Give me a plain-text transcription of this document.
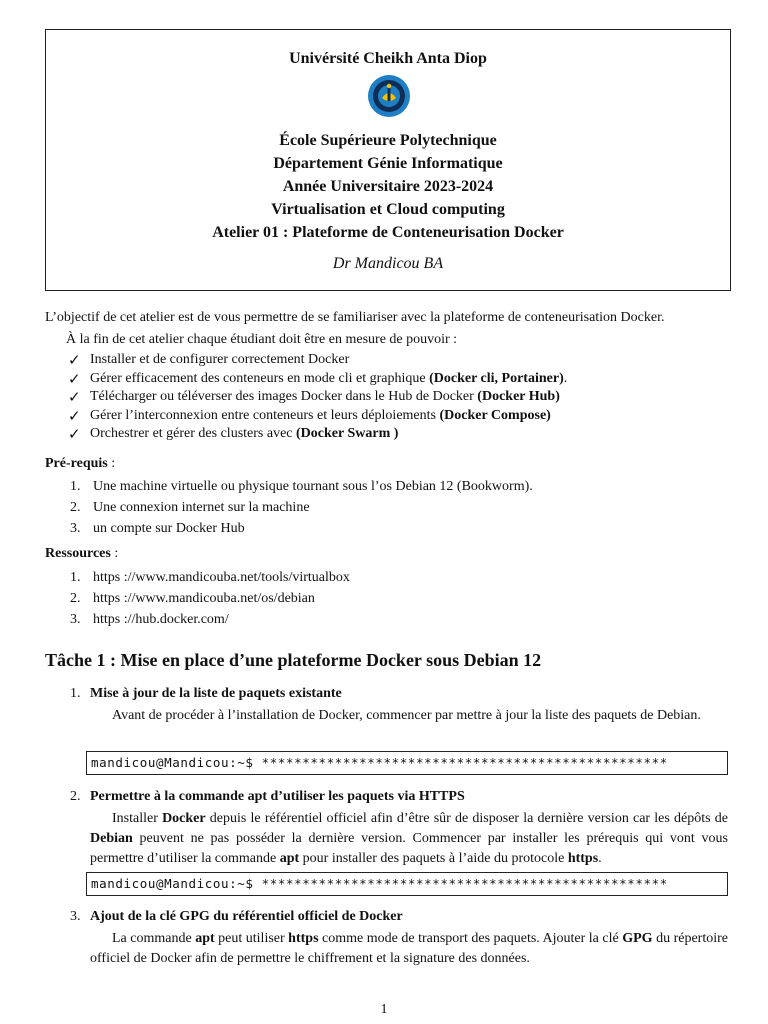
Univérsité Cheikh Anta Diop
École Supérieure Polytechnique
Département Génie Informatique
Année Universitaire 2023-2024
Virtualisation et Cloud computing
Atelier 01 : Plateforme de Conteneurisation Docker
Dr Mandicou BA
L’objectif de cet atelier est de vous permettre de se familiariser avec la plateforme de conteneurisation Docker.
À la fin de cet atelier chaque étudiant doit être en mesure de pouvoir :
✓ Installer et de configurer correctement Docker
✓ Gérer efficacement des conteneurs en mode cli et graphique (Docker cli, Portainer).
✓ Télécharger ou téléverser des images Docker dans le Hub de Docker (Docker Hub)
✓ Gérer l’interconnexion entre conteneurs et leurs déploiements (Docker Compose)
✓ Orchestrer et gérer des clusters avec (Docker Swarm )
Pré-requis :
1. Une machine virtuelle ou physique tournant sous l’os Debian 12 (Bookworm).
2. Une connexion internet sur la machine
3. un compte sur Docker Hub
Ressources :
1. https ://www.mandicouba.net/tools/virtualbox
2. https ://www.mandicouba.net/os/debian
3. https ://hub.docker.com/
Tâche 1 : Mise en place d’une plateforme Docker sous Debian 12
1. Mise à jour de la liste de paquets existante
Avant de procéder à l’installation de Docker, commencer par mettre à jour la liste des paquets de Debian.
mandicou@Mandicou:~$ **************************************************
2. Permettre à la commande apt d’utiliser les paquets via HTTPS
Installer Docker depuis le référentiel officiel afin d’être sûr de disposer la dernière version car les dépôts de Debian peuvent ne pas posséder la dernière version. Commencer par installer les prérequis qui vont vous permettre d’utiliser la commande apt pour installer des paquets à l’aide du protocole https.
mandicou@Mandicou:~$ **************************************************
3. Ajout de la clé GPG du référentiel officiel de Docker
La commande apt peut utiliser https comme mode de transport des paquets. Ajouter la clé GPG du répertoire officiel de Docker afin de permettre le chiffrement et la signature des données.
1
